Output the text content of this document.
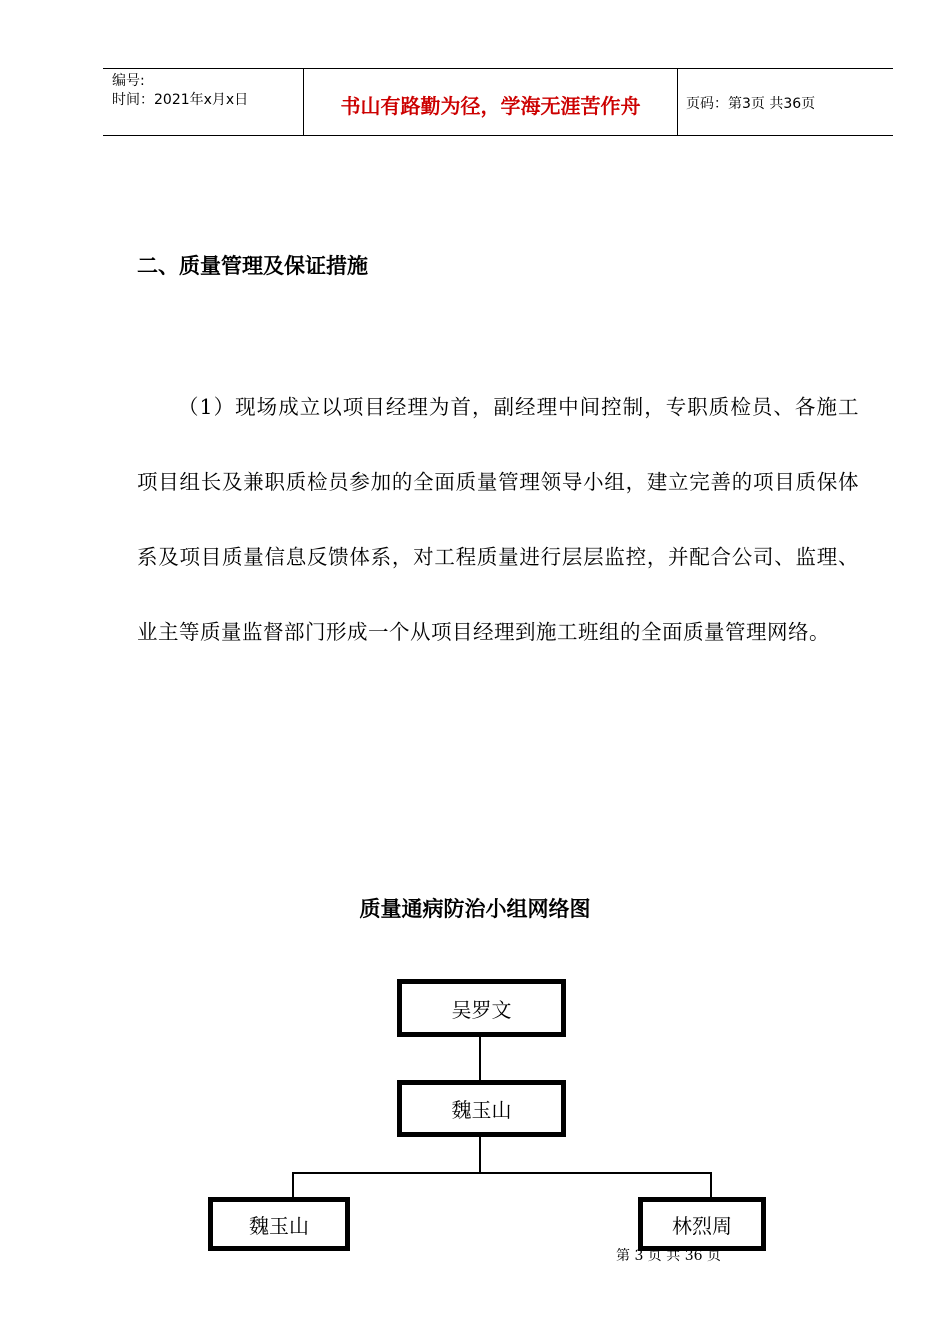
编号:
时间：2021年x月x日	书山有路勤为径，学海无涯苦作舟	页码：第3页 共36页
二、质量管理及保证措施
（1）现场成立以项目经理为首，副经理中间控制，专职质检员、各施工项目组长及兼职质检员参加的全面质量管理领导小组，建立完善的项目质保体系及项目质量信息反馈体系，对工程质量进行层层监控，并配合公司、监理、业主等质量监督部门形成一个从项目经理到施工班组的全面质量管理网络。
质量通病防治小组网络图
吴罗文
魏玉山
魏玉山	林烈周
第 3 页 共 36 页
